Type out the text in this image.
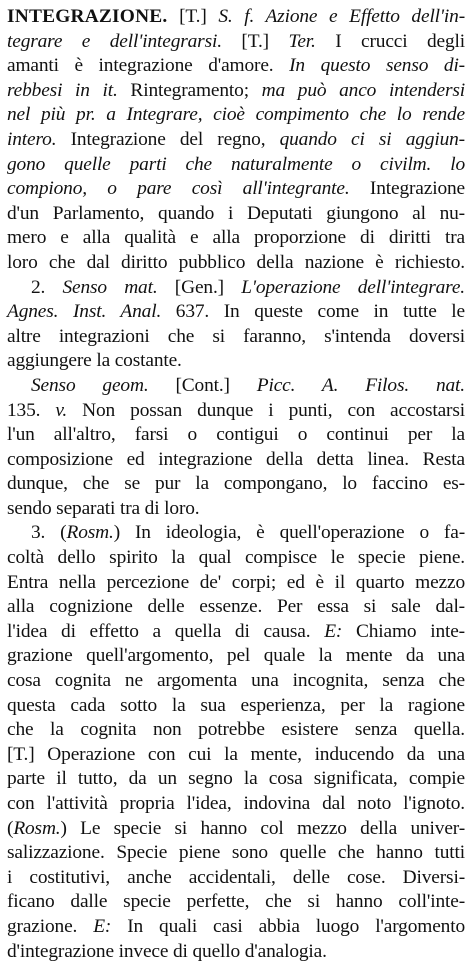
INTEGRAZIONE. [T.] S. f. Azione e Effetto dell'in-
tegrare e dell'integrarsi. [T.] Ter. I crucci degli
amanti è integrazione d'amore. In questo senso di-
rebbesi in it. Rintegramento; ma può anco intendersi
nel più pr. a Integrare, cioè compimento che lo rende
intero. Integrazione del regno, quando ci si aggiun-
gono quelle parti che naturalmente o civilm. lo
compiono, o pare così all'integrante. Integrazione
d'un Parlamento, quando i Deputati giungono al nu-
mero e alla qualità e alla proporzione di diritti tra
loro che dal diritto pubblico della nazione è richiesto.
2. Senso mat. [Gen.] L'operazione dell'integrare.
Agnes. Inst. Anal. 637. In queste come in tutte le
altre integrazioni che si faranno, s'intenda doversi
aggiungere la costante.
Senso geom. [Cont.] Picc. A. Filos. nat.
135. v. Non possan dunque i punti, con accostarsi
l'un all'altro, farsi o contigui o continui per la
composizione ed integrazione della detta linea. Resta
dunque, che se pur la compongano, lo faccino es-
sendo separati tra di loro.
3. (Rosm.) In ideologia, è quell'operazione o fa-
coltà dello spirito la qual compisce le specie piene.
Entra nella percezione de' corpi; ed è il quarto mezzo
alla cognizione delle essenze. Per essa si sale dal-
l'idea di effetto a quella di causa. E: Chiamo inte-
grazione quell'argomento, pel quale la mente da una
cosa cognita ne argomenta una incognita, senza che
questa cada sotto la sua esperienza, per la ragione
che la cognita non potrebbe esistere senza quella.
[T.] Operazione con cui la mente, inducendo da una
parte il tutto, da un segno la cosa significata, compie
con l'attività propria l'idea, indovina dal noto l'ignoto.
(Rosm.) Le specie si hanno col mezzo della univer-
salizzazione. Specie piene sono quelle che hanno tutti
i costitutivi, anche accidentali, delle cose. Diversi-
ficano dalle specie perfette, che si hanno coll'inte-
grazione. E: In quali casi abbia luogo l'argomento
d'integrazione invece di quello d'analogia.
